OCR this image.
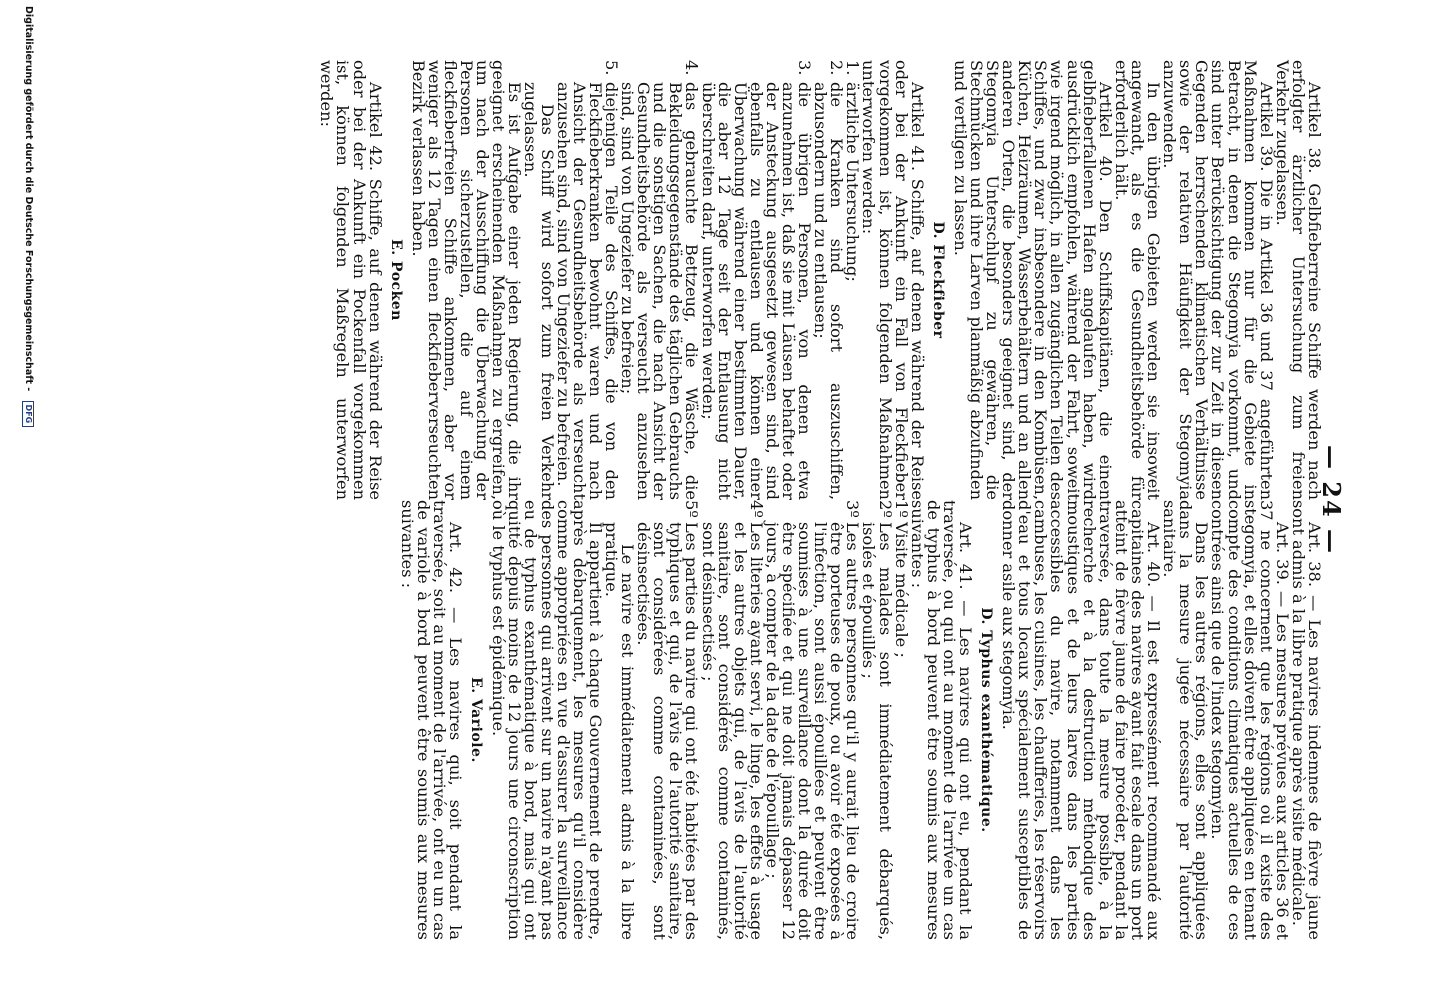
— 24 —

Artikel 38. Gelbfieberreine Schiffe werden nach erfolgter ärztlicher Untersuchung zum freien Verkehr zugelassen.

Artikel 39. Die in Artikel 36 und 37 angeführten Maßnahmen kommen nur für die Gebiete in Betracht, in denen die Stegomyia vorkommt, und sind unter Berücksichtigung der zur Zeit in diesen Gegenden herrschenden klimatischen Verhältnisse sowie der relativen Häufigkeit der Stegomyia anzuwenden.

In den übrigen Gebieten werden sie insoweit angewandt, als es die Gesundheitsbehörde für erforderlich hält.

Artikel 40. Den Schiffskapitänen, die einen gelbfieberfallenen Hafen angelaufen haben, wird ausdrücklich empfohlen, während der Fahrt, soweit wie irgend möglich, in allen zugänglichen Teilen des Schiffes, und zwar insbesondere in den Kombüsen, Küchen, Heizräumen, Wasserbehältern und an allen anderen Orten, die besonders geeignet sind, der Stegomyia Unterschlupf zu gewähren, die Stechmücken und ihre Larven planmäßig abzufinden und vertilgen zu lassen.

D. Fleckfieber

Artikel 41. Schiffe, auf denen während der Reise oder bei der Ankunft ein Fall von Fleckfieber vorgekommen ist, können folgenden Maßnahmen unterworfen werden:

1.
ärztliche Untersuchung;

2.
die Kranken sind sofort auszuschiffen, abzusondern und zu entlausen;

3.
die übrigen Personen, von denen etwa anzunehmen ist, daß sie mit Läusen behaftet oder der Ansteckung ausgesetzt gewesen sind, sind ebenfalls zu entlausen und können einer Überwachung während einer bestimmten Dauer, die aber 12 Tage seit der Entlausung nicht überschreiten darf, unterworfen werden;

4.
das gebrauchte Bettzeug, die Wäsche, die Bekleidungsgegenstände des täglichen Gebrauchs und die sonstigen Sachen, die nach Ansicht der Gesundheitsbehörde als verseucht anzusehen sind, sind von Ungeziefer zu befreien;

5.
diejenigen Teile des Schiffes, die von den Fleckfieberkranken bewohnt waren und nach Ansicht der Gesundheitsbehörde als verseucht anzusehen sind, sind von Ungeziefer zu befreien.

Das Schiff wird sofort zum freien Verkehr zugelassen.

Es ist Aufgabe einer jeden Regierung, die ihr geeignet erscheinenden Maßnahmen zu ergreifen, um nach der Ausschiffung die Überwachung der Personen sicherzustellen, die auf einem fleckfieberfreien Schiffe ankommen, aber vor weniger als 12 Tagen einen fleckfieberverseuchten Bezirk verlassen haben.

E. Pocken

Artikel 42. Schiffe, auf denen während der Reise oder bei der Ankunft ein Pockenfall vorgekommen ist, können folgenden Maßregeln unterworfen werden:

Art. 38. — Les navires indemnes de fièvre jaune sont admis à la libre pratique après visite médicale.

Art. 39. — Les mesures prévues aux articles 36 et 37 ne concernent que les régions où il existe des stegomyia, et elles doivent être appliquées en tenant compte des conditions climatiques actuelles de ces contrées ainsi que de l'index stegomyien.

Dans les autres régions, elles sont appliquées dans la mesure jugée nécessaire par l'autorité sanitaire.

Art. 40. — Il est expressément recommandé aux capitaines des navires ayant fait escale dans un port atteint de fièvre jaune de faire procéder, pendant la traversée, dans toute la mesure possible, à la recherche et à la destruction méthodique des moustiques et de leurs larves dans les parties accessibles du navire, notamment dans les cambuses, les cuisines, les chaufferies, les réservoirs d'eau et tous locaux spécialement susceptibles de donner asile aux stegomyia.

D. Typhus exanthématique.

Art. 41. — Les navires qui ont eu, pendant la traversée, ou qui ont au moment de l'arrivée un cas de typhus à bord peuvent être soumis aux mesures suivantes :

1º
Visite médicale ;

2º
Les malades sont immédiatement débarqués, isolés et épouillés ;

3º
Les autres personnes qu'il y aurait lieu de croire être porteuses de poux, ou avoir été exposées à l'infection, sont aussi épouillées et peuvent être soumises à une surveillance dont la durée doit être spécifiée et qui ne doit jamais dépasser 12 jours, à compter de la date de l'épouillage ;

4º
Les literies ayant servi, le linge, les effets à usage et les autres objets qui, de l'avis de l'autorité sanitaire, sont considérés comme contaminés, sont désinsectisés ;

5º
Les parties du navire qui ont été habitées par des typhiques et qui, de l'avis de l'autorité sanitaire, sont considérées comme contaminées, sont désinsectisées.

Le navire est immédiatement admis à la libre pratique.

Il appartient à chaque Gouvernement de prendre, après débarquement, les mesures qu'il considère comme appropriées en vue d'assurer la surveillance des personnes qui arrivent sur un navire n'ayant pas eu de typhus exanthématique à bord, mais qui ont quitté depuis moins de 12 jours une circonscription où le typhus est épidémique.

E. Variole.

Art. 42. — Les navires qui, soit pendant la traversée, soit au moment de l'arrivée, ont eu un cas de variole à bord peuvent être soumis aux mesures suivantes :

Digitalisierung gefördert durch die Deutsche Forschungsgemeinschaft - DFG
